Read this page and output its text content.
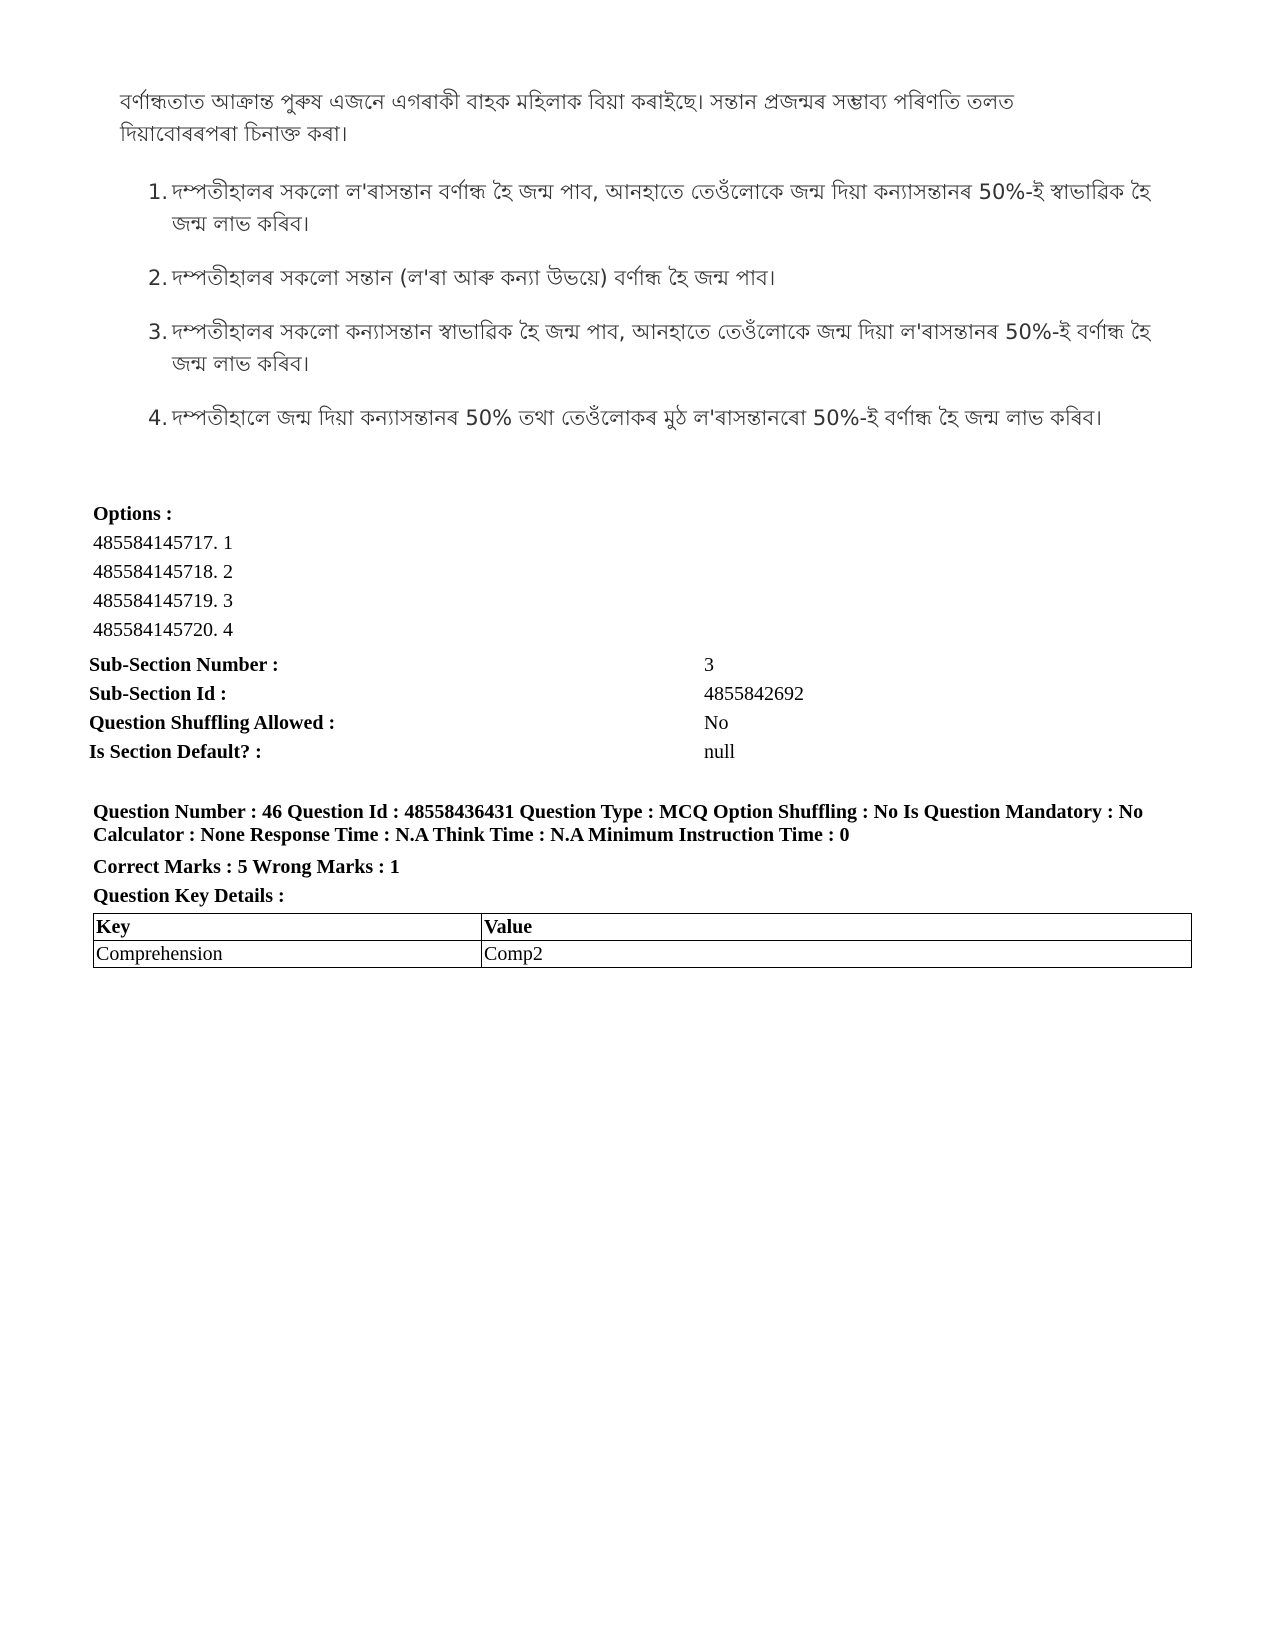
বৰ্ণান্ধতাত আক্ৰান্ত পুৰুষ এজনে এগৰাকী বাহক মহিলাক বিয়া কৰাইছে। সন্তান প্ৰজন্মৰ সম্ভাব্য পৰিণতি তলত দিয়াবোৰৰপৰা চিনাক্ত কৰা।
1. দম্পতীহালৰ সকলো ল'ৰাসন্তান বৰ্ণান্ধ হৈ জন্ম পাব, আনহাতে তেওঁলোকে জন্ম দিয়া কন্যাসন্তানৰ 50%-ই স্বাভাৱিক হৈ জন্ম লাভ কৰিব।
2. দম্পতীহালৰ সকলো সন্তান (ল'ৰা আৰু কন্যা উভয়ে) বৰ্ণান্ধ হৈ জন্ম পাব।
3. দম্পতীহালৰ সকলো কন্যাসন্তান স্বাভাৱিক হৈ জন্ম পাব, আনহাতে তেওঁলোকে জন্ম দিয়া ল'ৰাসন্তানৰ 50%-ই বৰ্ণান্ধ হৈ জন্ম লাভ কৰিব।
4. দম্পতীহালে জন্ম দিয়া কন্যাসন্তানৰ 50% তথা তেওঁলোকৰ মুঠ ল'ৰাসন্তানৰো 50%-ই বৰ্ণান্ধ হৈ জন্ম লাভ কৰিব।
Options :
485584145717. 1
485584145718. 2
485584145719. 3
485584145720. 4
Sub-Section Number :	3
Sub-Section Id :	4855842692
Question Shuffling Allowed :	No
Is Section Default? :	null
Question Number : 46 Question Id : 48558436431 Question Type : MCQ Option Shuffling : No Is Question Mandatory : No Calculator : None Response Time : N.A Think Time : N.A Minimum Instruction Time : 0
Correct Marks : 5 Wrong Marks : 1
Question Key Details :
Key	Value
Comprehension	Comp2
